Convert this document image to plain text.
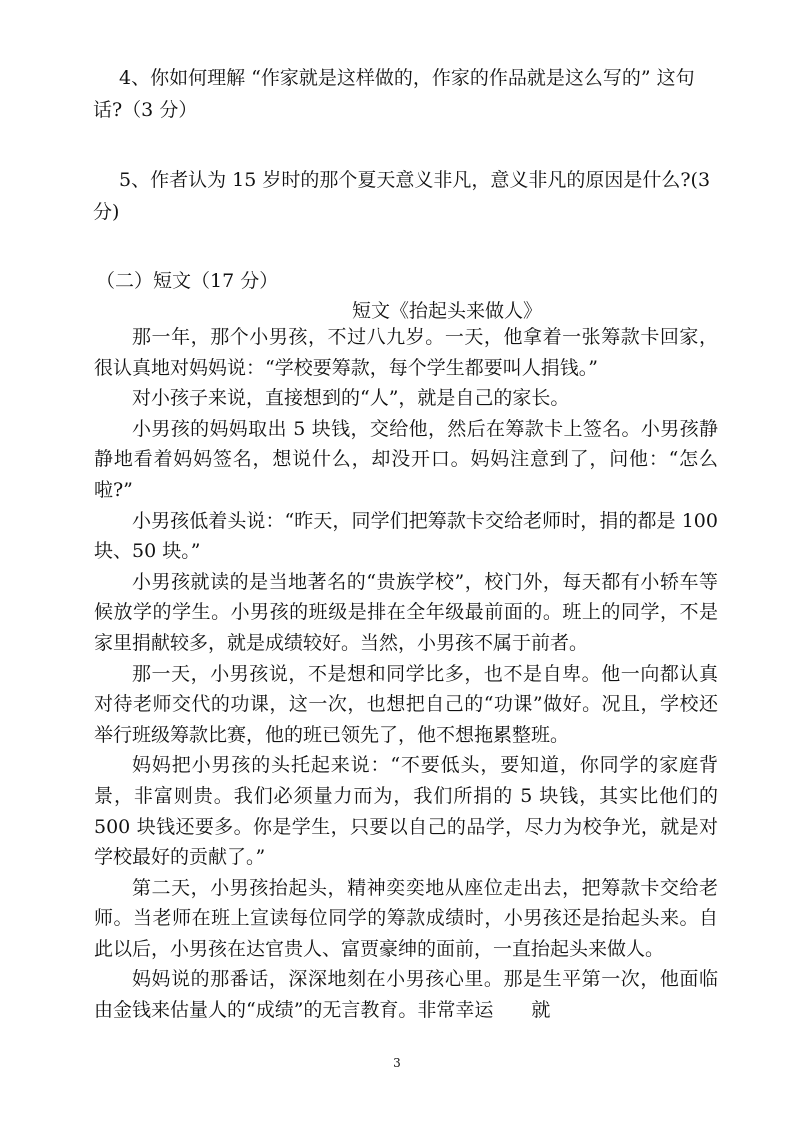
4、你如何理解 “作家就是这样做的，作家的作品就是这么写的” 这句话?（3 分）

5、作者认为 15 岁时的那个夏天意义非凡，意义非凡的原因是什么?(3 分)

（二）短文（17 分）

短文《抬起头来做人》

那一年，那个小男孩，不过八九岁。一天，他拿着一张筹款卡回家，很认真地对妈妈说：“学校要筹款，每个学生都要叫人捐钱。”

对小孩子来说，直接想到的“人”，就是自己的家长。

小男孩的妈妈取出 5 块钱，交给他，然后在筹款卡上签名。小男孩静静地看着妈妈签名，想说什么，却没开口。妈妈注意到了，问他：“怎么啦?”

小男孩低着头说：“昨天，同学们把筹款卡交给老师时，捐的都是 100 块、50 块。”

小男孩就读的是当地著名的“贵族学校”，校门外，每天都有小轿车等候放学的学生。小男孩的班级是排在全年级最前面的。班上的同学，不是家里捐献较多，就是成绩较好。当然，小男孩不属于前者。

那一天，小男孩说，不是想和同学比多，也不是自卑。他一向都认真对待老师交代的功课，这一次，也想把自己的“功课”做好。况且，学校还举行班级筹款比赛，他的班已领先了，他不想拖累整班。

妈妈把小男孩的头托起来说：“不要低头，要知道，你同学的家庭背景，非富则贵。我们必须量力而为，我们所捐的 5 块钱，其实比他们的 500 块钱还要多。你是学生，只要以自己的品学，尽力为校争光，就是对学校最好的贡献了。”

第二天，小男孩抬起头，精神奕奕地从座位走出去，把筹款卡交给老师。当老师在班上宣读每位同学的筹款成绩时，小男孩还是抬起头来。自此以后，小男孩在达官贵人、富贾豪绅的面前，一直抬起头来做人。

妈妈说的那番话，深深地刻在小男孩心里。那是生平第一次，他面临由金钱来估量人的“成绩”的无言教育。非常幸运　　就

3
